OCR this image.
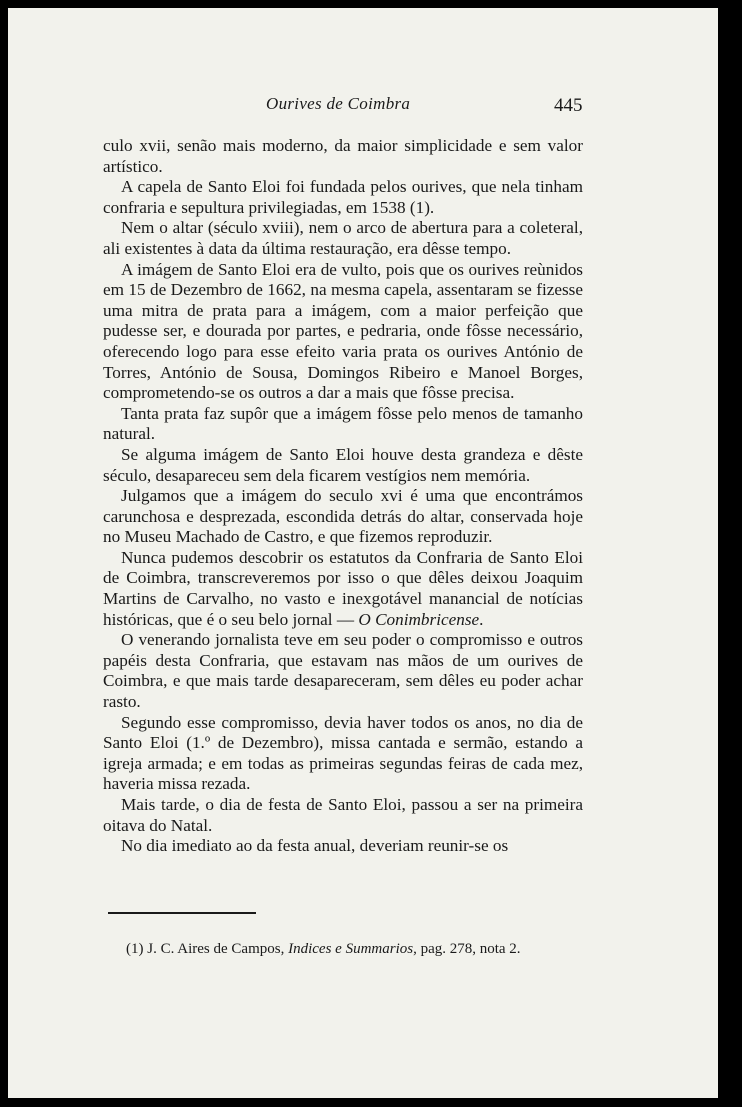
Ourives de Coimbra	445

culo xvii, senão mais moderno, da maior simplicidade e sem valor artístico.

A capela de Santo Eloi foi fundada pelos ourives, que nela tinham confraria e sepultura privilegiadas, em 1538 (1).

Nem o altar (século xviii), nem o arco de abertura para a coleteral, ali existentes à data da última restauração, era dêsse tempo.

A imágem de Santo Eloi era de vulto, pois que os ourives reùnidos em 15 de Dezembro de 1662, na mesma capela, assentaram se fizesse uma mitra de prata para a imágem, com a maior perfeição que pudesse ser, e dourada por partes, e pedraria, onde fôsse necessário, oferecendo logo para esse efeito varia prata os ourives António de Torres, António de Sousa, Domingos Ribeiro e Manoel Borges, comprometendo-se os outros a dar a mais que fôsse precisa.

Tanta prata faz supôr que a imágem fôsse pelo menos de tamanho natural.

Se alguma imágem de Santo Eloi houve desta grandeza e dêste século, desaparecеu sem dela ficarem vestígios nem memória.

Julgamos que a imágem do seculo xvi é uma que encontrámos carunchosa e desprezada, escondida detrás do altar, conservada hoje no Museu Machado de Castro, e que fizemos reproduzir.

Nunca pudemos descobrir os estatutos da Confraria de Santo Eloi de Coimbra, transcreveremos por isso o que dêles deixou Joaquim Martins de Carvalho, no vasto e inexgotável manancial de notícias históricas, que é o seu belo jornal — O Conimbricense.

O venerando jornalista teve em seu poder o compromisso e outros papéis desta Confraria, que estavam nas mãos de um ourives de Coimbra, e que mais tarde desapareceram, sem dêles eu poder achar rasto.

Segundo esse compromisso, devia haver todos os anos, no dia de Santo Eloi (1.º de Dezembro), missa cantada e sermão, estando a igreja armada; e em todas as primeiras segundas feiras de cada mez, haveria missa rezada.

Mais tarde, o dia de festa de Santo Eloi, passou a ser na primeira oitava do Natal.

No dia imediato ao da festa anual, deveriam reunir-se os

(1) J. C. Aires de Campos, Indices e Summarios, pag. 278, nota 2.
